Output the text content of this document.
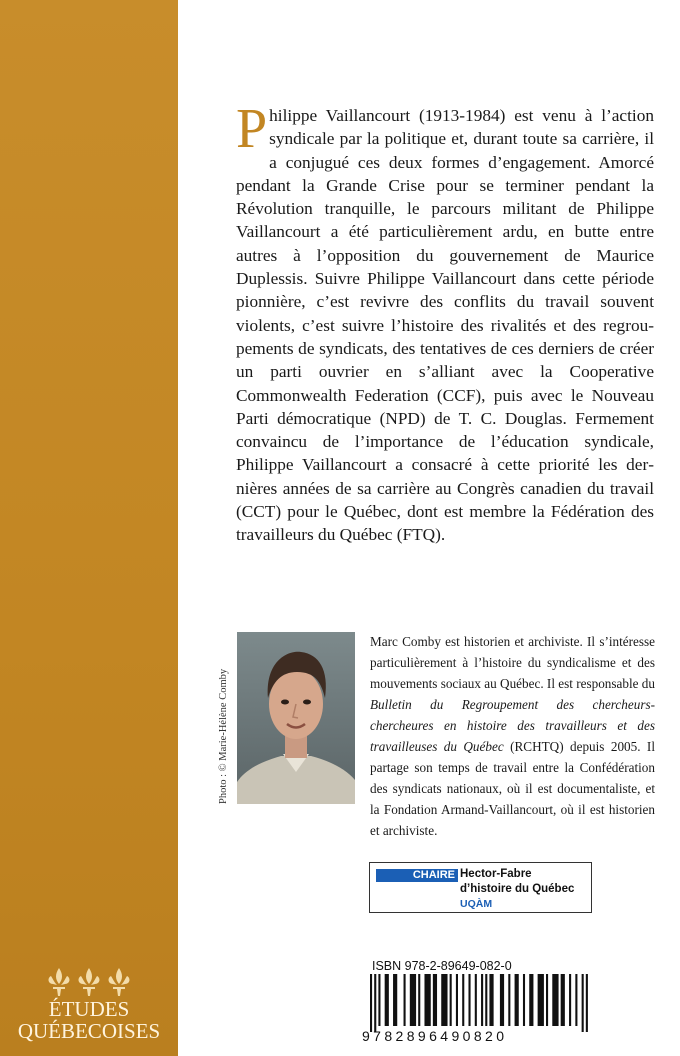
ÉTUDES
QUÉBECOISES

Philippe Vaillancourt (1913-1984) est venu à l’action syndicale par la politique et, durant toute sa carrière, il a conjugué ces deux formes d’engagement. Amorcé pendant la Grande Crise pour se terminer pendant la Révolution tranquille, le parcours militant de Philippe Vaillancourt a été particulièrement ardu, en butte entre autres à l’opposition du gouvernement de Maurice Duplessis. Suivre Philippe Vaillancourt dans cette période pionnière, c’est revivre des conflits du travail souvent violents, c’est suivre l’histoire des rivalités et des regroupements de syndicats, des tentatives de ces derniers de créer un parti ouvrier en s’alliant avec la Cooperative Commonwealth Federation (CCF), puis avec le Nouveau Parti démocratique (NPD) de T. C. Douglas. Fermement convaincu de l’importance de l’éducation syndicale, Philippe Vaillancourt a consacré à cette priorité les dernières années de sa carrière au Congrès canadien du travail (CCT) pour le Québec, dont est membre la Fédération des travailleurs du Québec (FTQ).

Photo : © Marie-Hélène Comby

Marc Comby est historien et archiviste. Il s’intéresse particulièrement à l’histoire du syndicalisme et des mouvements sociaux au Québec. Il est responsable du Bulletin du Regroupement des chercheurs-chercheures en histoire des travailleurs et des travailleuses du Québec (RCHTQ) depuis 2005. Il partage son temps de travail entre la Confédération des syndicats nationaux, où il est documentaliste, et la Fondation Armand-Vaillancourt, où il est historien et archiviste.

CHAIRE Hector-Fabre
d’histoire du Québec
UQÀM
ISBN 978-2-89649-082-0
9782896490820
